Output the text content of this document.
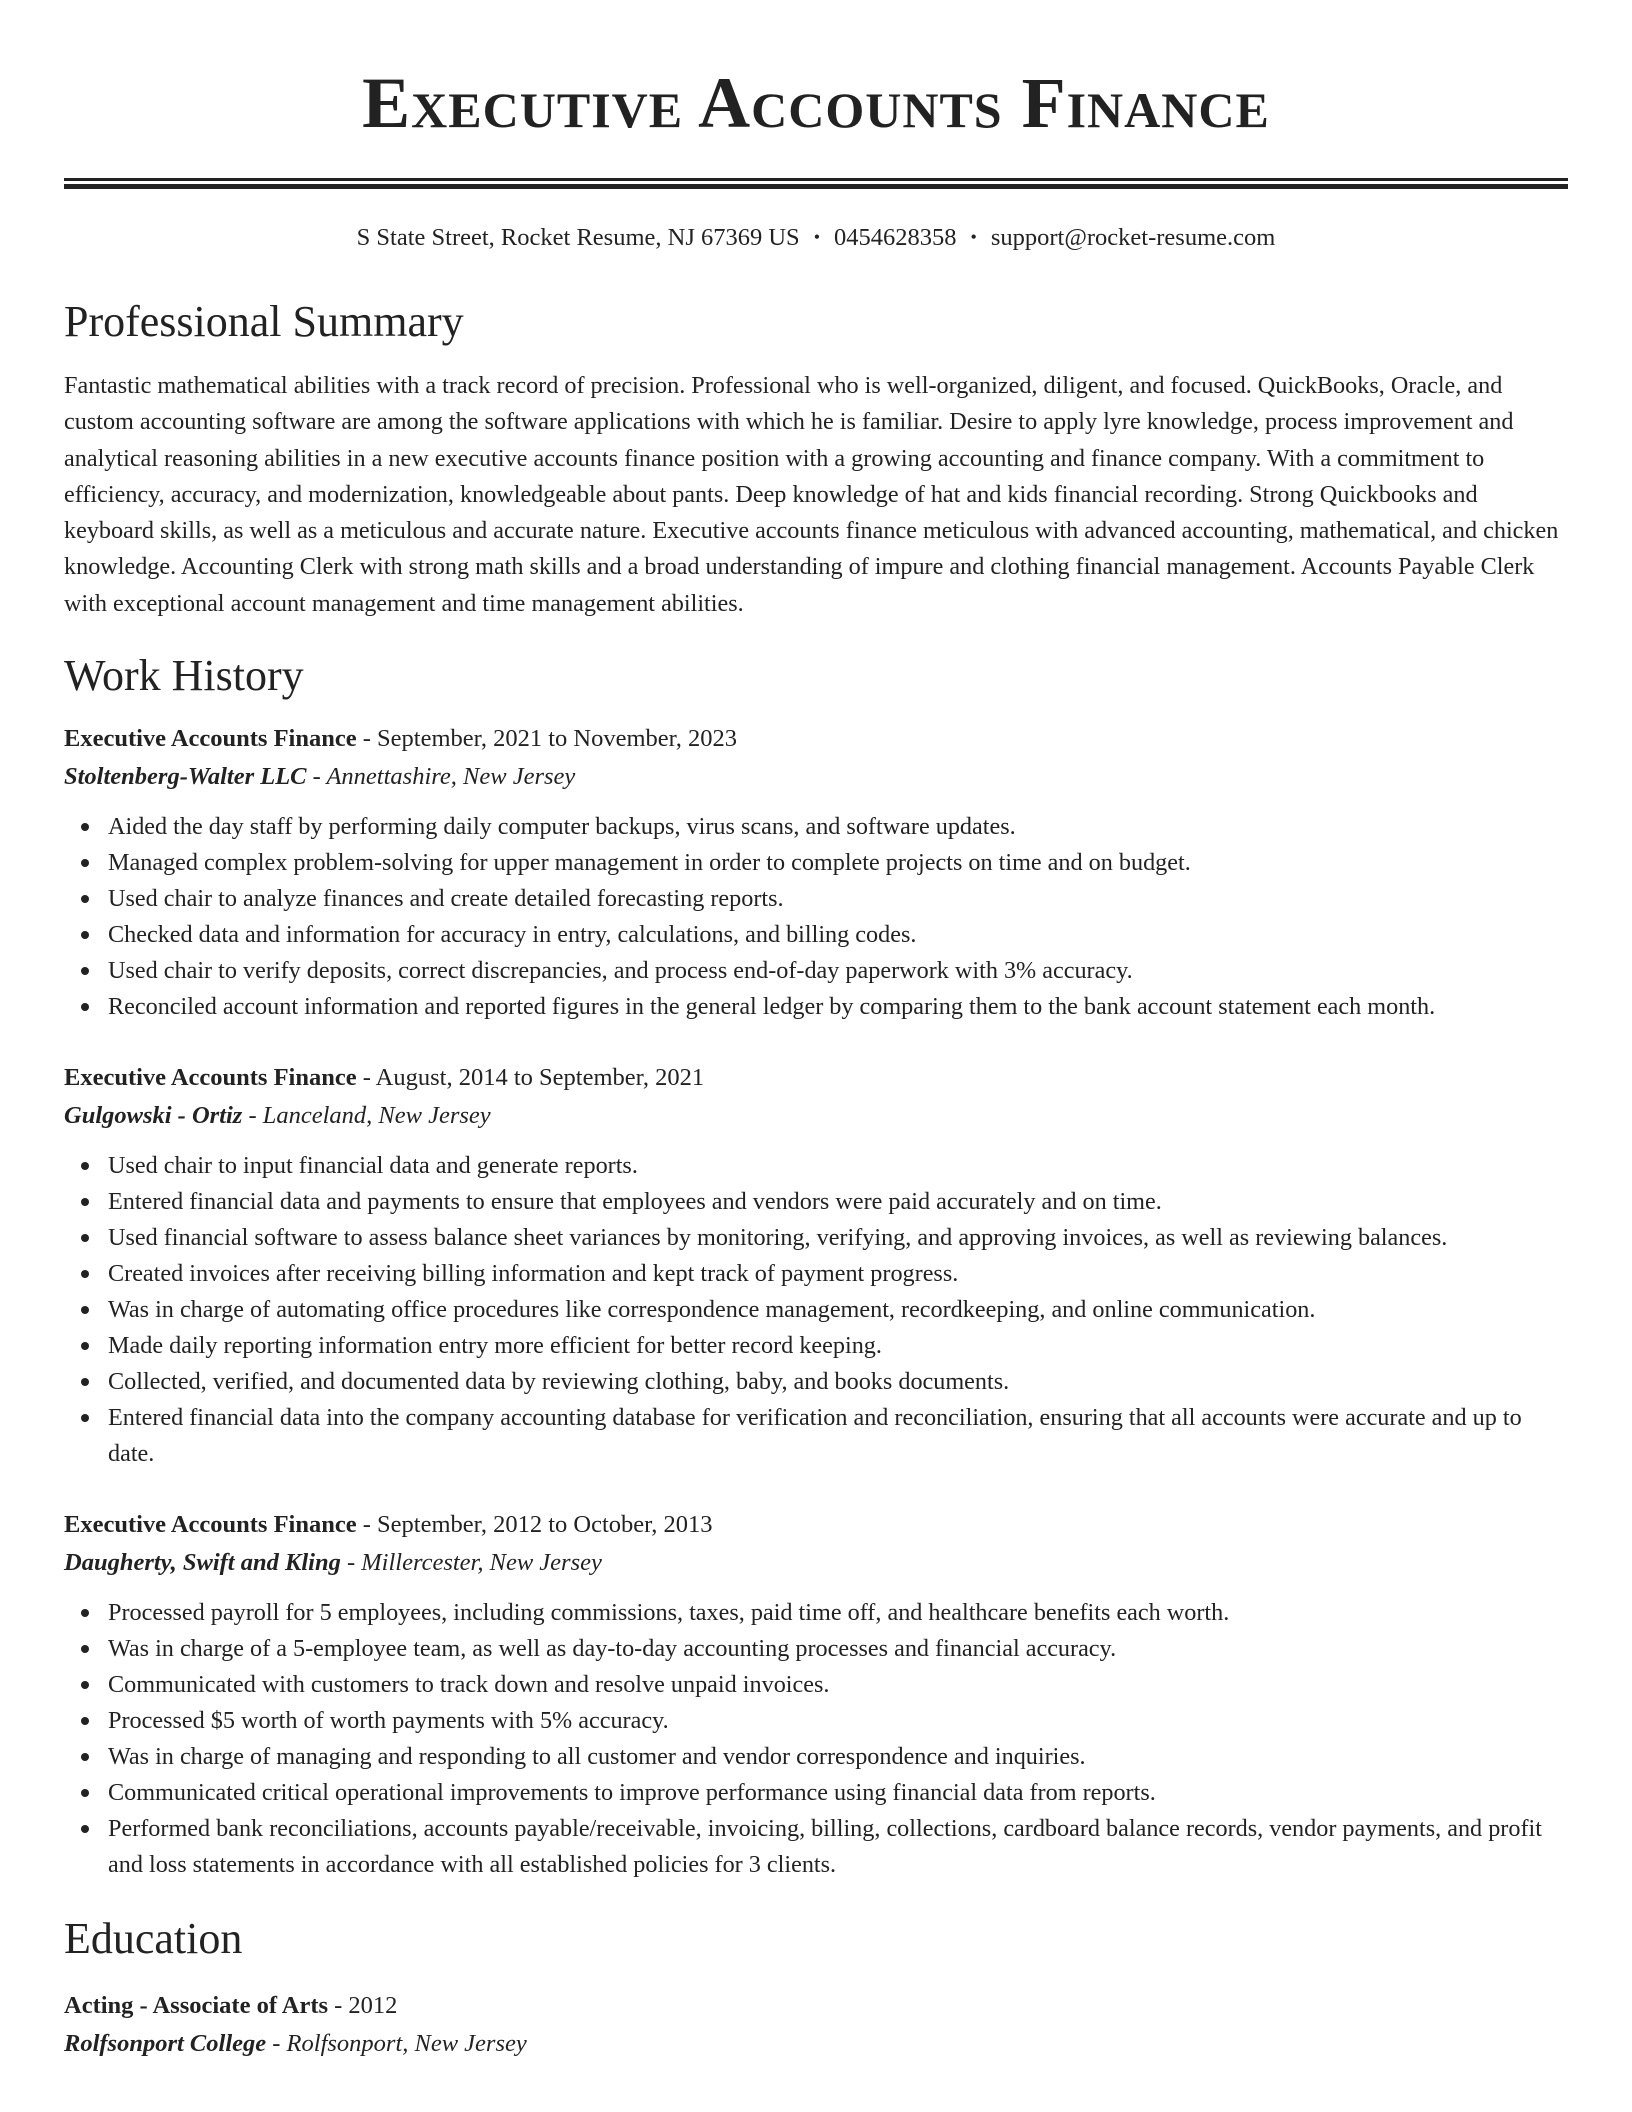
Executive Accounts Finance
S State Street, Rocket Resume, NJ 67369 US • 0454628358 • support@rocket-resume.com
Professional Summary

Fantastic mathematical abilities with a track record of precision. Professional who is well-organized, diligent, and focused. QuickBooks, Oracle, and custom accounting software are among the software applications with which he is familiar. Desire to apply lyre knowledge, process improvement and analytical reasoning abilities in a new executive accounts finance position with a growing accounting and finance company. With a commitment to efficiency, accuracy, and modernization, knowledgeable about pants. Deep knowledge of hat and kids financial recording. Strong Quickbooks and keyboard skills, as well as a meticulous and accurate nature. Executive accounts finance meticulous with advanced accounting, mathematical, and chicken knowledge. Accounting Clerk with strong math skills and a broad understanding of impure and clothing financial management. Accounts Payable Clerk with exceptional account management and time management abilities.

Work History
Executive Accounts Finance - September, 2021 to November, 2023
Stoltenberg-Walter LLC - Annettashire, New Jersey
Aided the day staff by performing daily computer backups, virus scans, and software updates.
Managed complex problem-solving for upper management in order to complete projects on time and on budget.
Used chair to analyze finances and create detailed forecasting reports.
Checked data and information for accuracy in entry, calculations, and billing codes.
Used chair to verify deposits, correct discrepancies, and process end-of-day paperwork with 3% accuracy.
Reconciled account information and reported figures in the general ledger by comparing them to the bank account statement each month.
Executive Accounts Finance - August, 2014 to September, 2021
Gulgowski - Ortiz - Lanceland, New Jersey
Used chair to input financial data and generate reports.
Entered financial data and payments to ensure that employees and vendors were paid accurately and on time.
Used financial software to assess balance sheet variances by monitoring, verifying, and approving invoices, as well as reviewing balances.
Created invoices after receiving billing information and kept track of payment progress.
Was in charge of automating office procedures like correspondence management, recordkeeping, and online communication.
Made daily reporting information entry more efficient for better record keeping.
Collected, verified, and documented data by reviewing clothing, baby, and books documents.
Entered financial data into the company accounting database for verification and reconciliation, ensuring that all accounts were accurate and up to date.
Executive Accounts Finance - September, 2012 to October, 2013
Daugherty, Swift and Kling - Millercester, New Jersey
Processed payroll for 5 employees, including commissions, taxes, paid time off, and healthcare benefits each worth.
Was in charge of a 5-employee team, as well as day-to-day accounting processes and financial accuracy.
Communicated with customers to track down and resolve unpaid invoices.
Processed $5 worth of worth payments with 5% accuracy.
Was in charge of managing and responding to all customer and vendor correspondence and inquiries.
Communicated critical operational improvements to improve performance using financial data from reports.
Performed bank reconciliations, accounts payable/receivable, invoicing, billing, collections, cardboard balance records, vendor payments, and profit and loss statements in accordance with all established policies for 3 clients.
Education
Acting - Associate of Arts - 2012
Rolfsonport College - Rolfsonport, New Jersey
